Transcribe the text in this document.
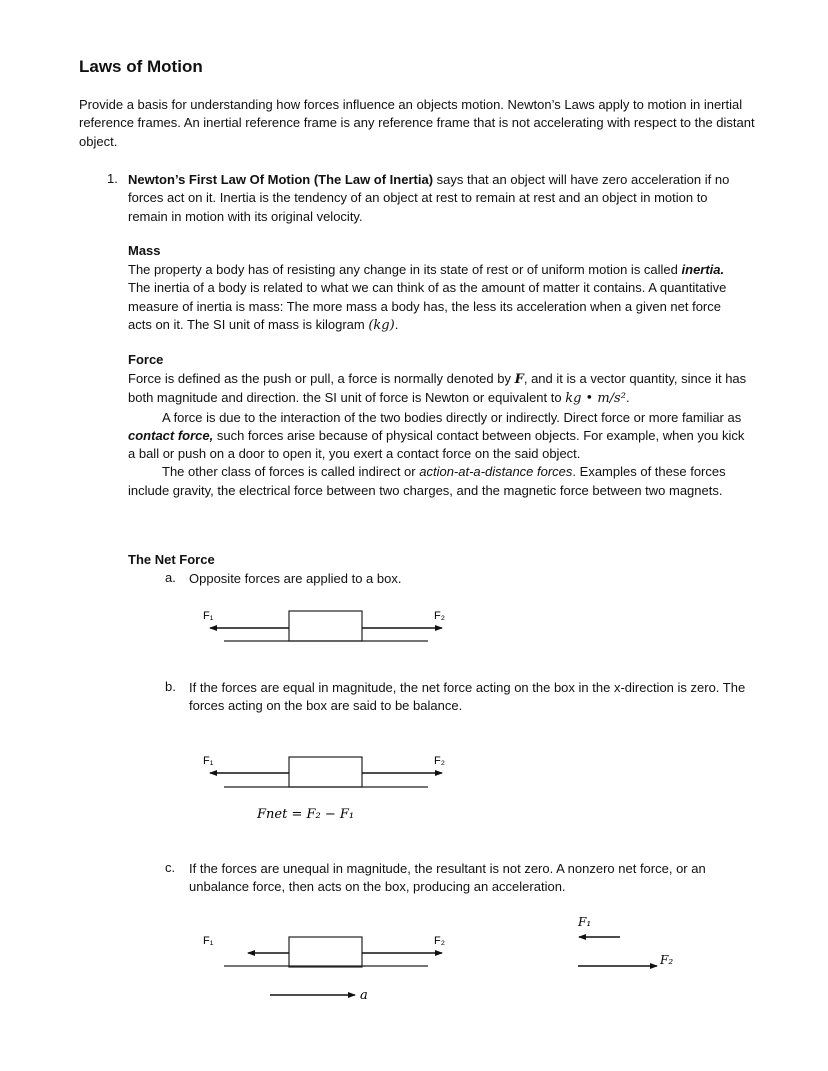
Laws of Motion
Provide a basis for understanding how forces influence an objects motion. Newton’s Laws apply to motion in inertial reference frames. An inertial reference frame is any reference frame that is not accelerating with respect to the distant object.
1. Newton’s First Law Of Motion (The Law of Inertia) says that an object will have zero acceleration if no forces act on it. Inertia is the tendency of an object at rest to remain at rest and an object in motion to remain in motion with its original velocity.
Mass
The property a body has of resisting any change in its state of rest or of uniform motion is called inertia. The inertia of a body is related to what we can think of as the amount of matter it contains. A quantitative measure of inertia is mass: The more mass a body has, the less its acceleration when a given net force acts on it. The SI unit of mass is kilogram (kg).
Force
Force is defined as the push or pull, a force is normally denoted by F, and it is a vector quantity, since it has both magnitude and direction. the SI unit of force is Newton or equivalent to kg • m/s².
A force is due to the interaction of the two bodies directly or indirectly. Direct force or more familiar as contact force, such forces arise because of physical contact between objects. For example, when you kick a ball or push on a door to open it, you exert a contact force on the said object.
The other class of forces is called indirect or action-at-a-distance forces. Examples of these forces include gravity, the electrical force between two charges, and the magnetic force between two magnets.
The Net Force
a. Opposite forces are applied to a box.
b. If the forces are equal in magnitude, the net force acting on the box in the x-direction is zero. The forces acting on the box are said to be balance.
c. If the forces are unequal in magnitude, the resultant is not zero. A nonzero net force, or an unbalance force, then acts on the box, producing an acceleration.
F₁	F₂
F₁	F₂
Fnet = F₂ − F₁
F₁	F₂
a
F₁
F₂
